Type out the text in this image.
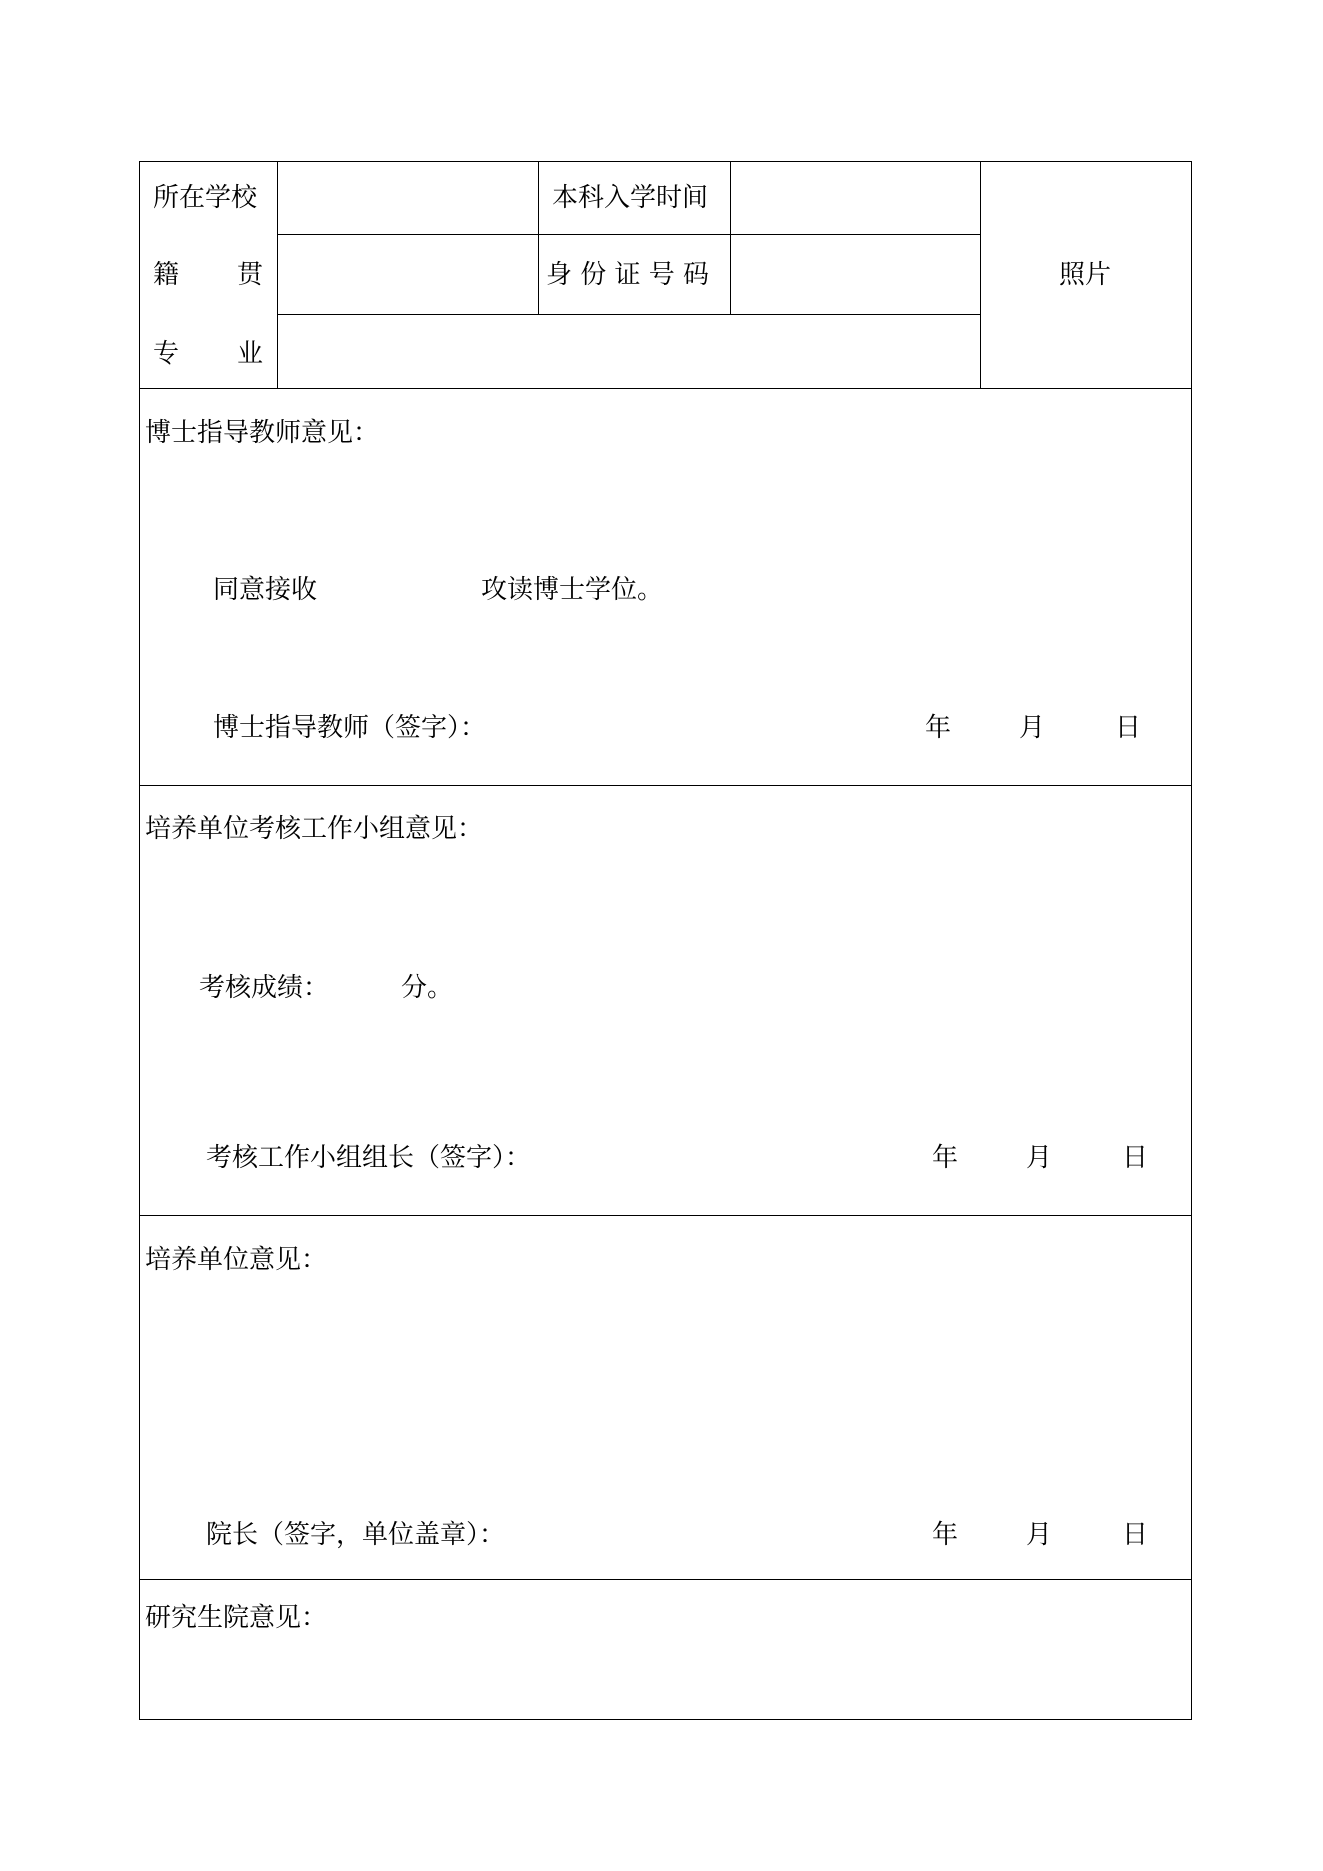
所在学校	本科入学时间
照片
籍 贯	身 份 证 号 码
专 业
博士指导教师意见：
同意接收	攻读博士学位。
博士指导教师（签字）：	年	月	日
培养单位考核工作小组意见：
考核成绩：	分。
考核工作小组组长（签字）：	年	月	日
培养单位意见：
院长（签字，单位盖章）：	年	月	日
研究生院意见：
